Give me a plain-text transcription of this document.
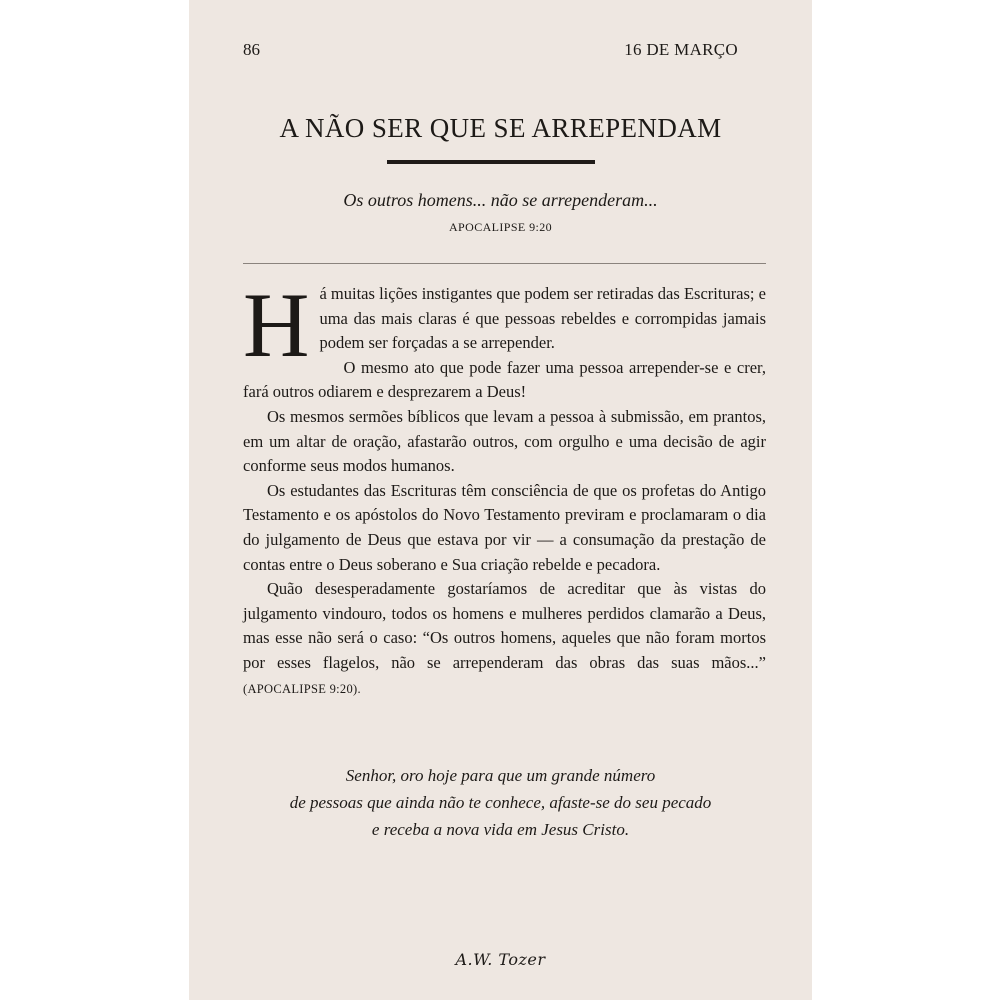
86	16 DE MARÇO
A NÃO SER QUE SE ARREPENDAM
Os outros homens... não se arrependeram...
APOCALIPSE 9:20

Há muitas lições instigantes que podem ser retiradas das Escrituras; e uma das mais claras é que pessoas rebeldes e corrompidas jamais podem ser forçadas a se arrepender.

O mesmo ato que pode fazer uma pessoa arrepender-se e crer, fará outros odiarem e desprezarem a Deus!

Os mesmos sermões bíblicos que levam a pessoa à submissão, em prantos, em um altar de oração, afastarão outros, com orgulho e uma decisão de agir conforme seus modos humanos.

Os estudantes das Escrituras têm consciência de que os profetas do Antigo Testamento e os apóstolos do Novo Testamento previram e proclamaram o dia do julgamento de Deus que estava por vir — a consumação da prestação de contas entre o Deus soberano e Sua criação rebelde e pecadora.

Quão desesperadamente gostaríamos de acreditar que às vistas do julgamento vindouro, todos os homens e mulheres perdidos clamarão a Deus, mas esse não será o caso: “Os outros homens, aqueles que não foram mortos por esses flagelos, não se arrependeram das obras das suas mãos...” (APOCALIPSE 9:20).

Senhor, oro hoje para que um grande número
de pessoas que ainda não te conhece, afaste-se do seu pecado
e receba a nova vida em Jesus Cristo.
A.W. Tozer
